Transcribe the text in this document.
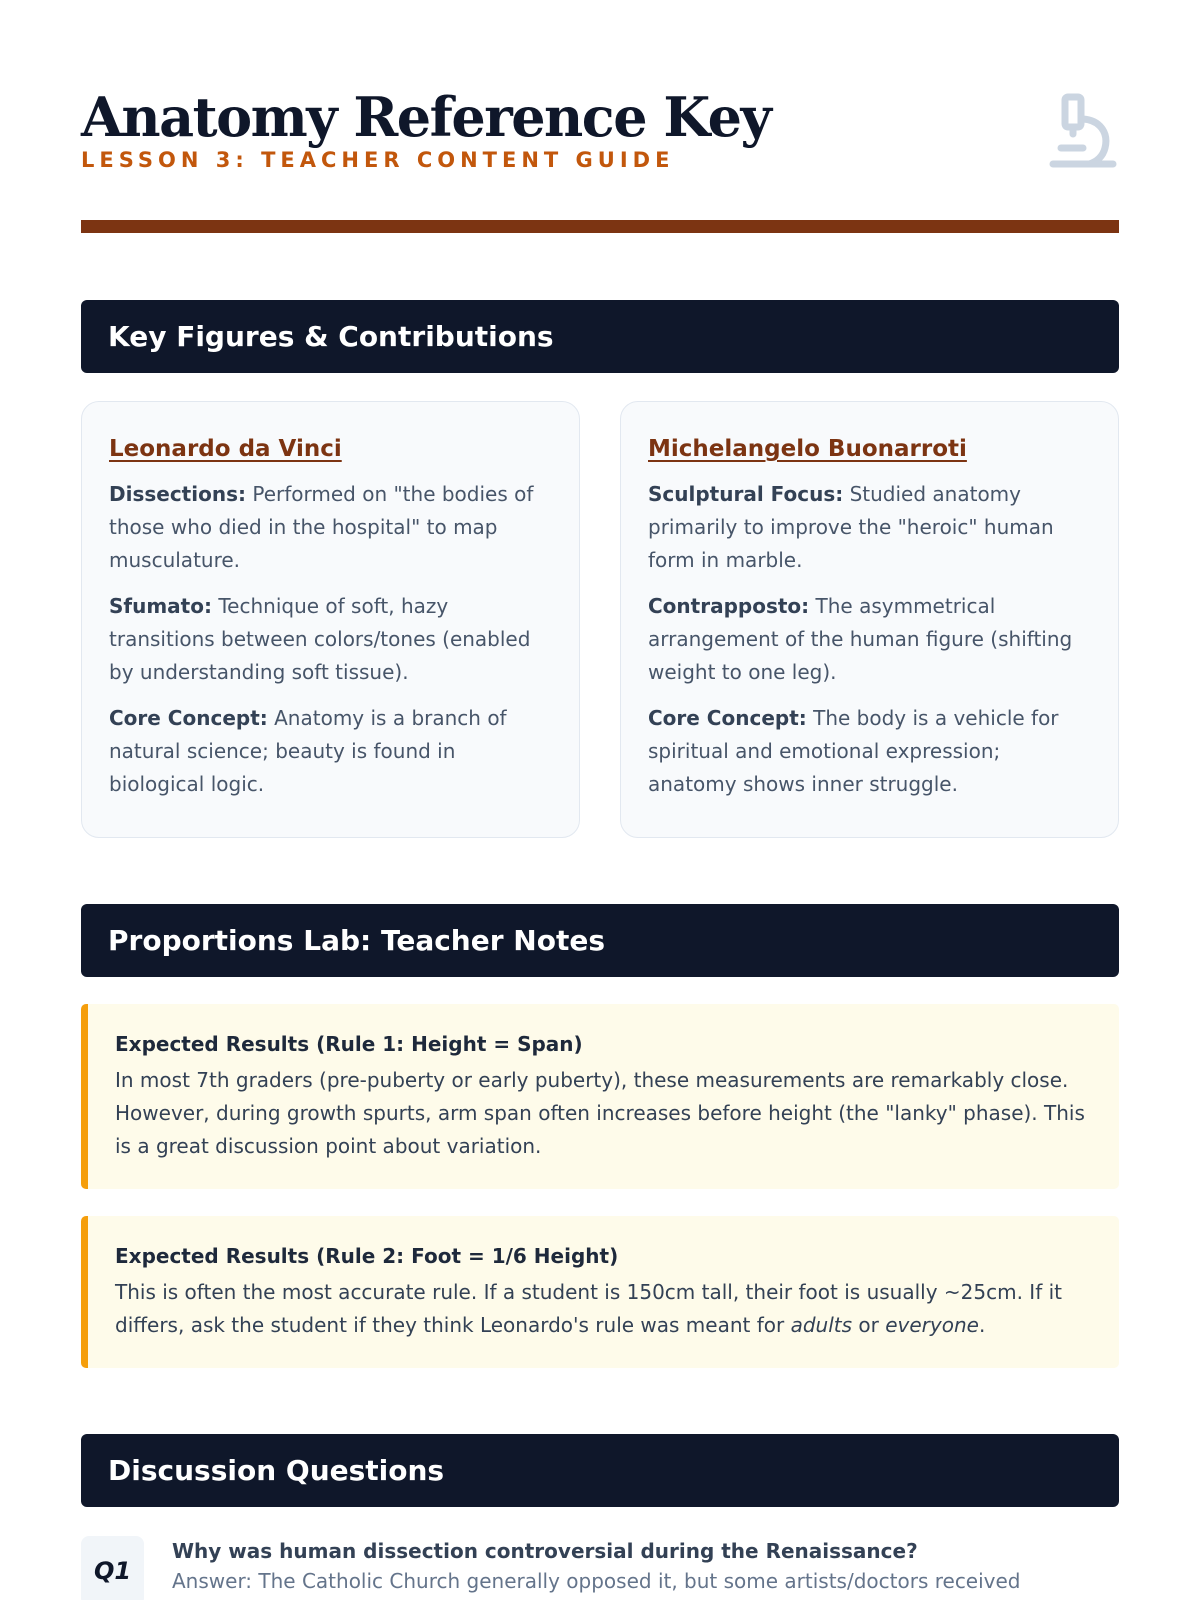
Anatomy Reference Key
LESSON 3: TEACHER CONTENT GUIDE
Key Figures & Contributions
Leonardo da Vinci

Dissections: Performed on "the bodies of those who died in the hospital" to map musculature.

Sfumato: Technique of soft, hazy transitions between colors/tones (enabled by understanding soft tissue).

Core Concept: Anatomy is a branch of natural science; beauty is found in biological logic.

Michelangelo Buonarroti

Sculptural Focus: Studied anatomy primarily to improve the "heroic" human form in marble.

Contrapposto: The asymmetrical arrangement of the human figure (shifting weight to one leg).

Core Concept: The body is a vehicle for spiritual and emotional expression; anatomy shows inner struggle.

Proportions Lab: Teacher Notes
Expected Results (Rule 1: Height = Span)

In most 7th graders (pre-puberty or early puberty), these measurements are remarkably close. However, during growth spurts, arm span often increases before height (the "lanky" phase). This is a great discussion point about variation.

Expected Results (Rule 2: Foot = 1/6 Height)

This is often the most accurate rule. If a student is 150cm tall, their foot is usually ~25cm. If it differs, ask the student if they think Leonardo's rule was meant for adults or everyone.

Discussion Questions
Q1
Why was human dissection controversial during the Renaissance?
Answer: The Catholic Church generally opposed it, but some artists/doctors received
